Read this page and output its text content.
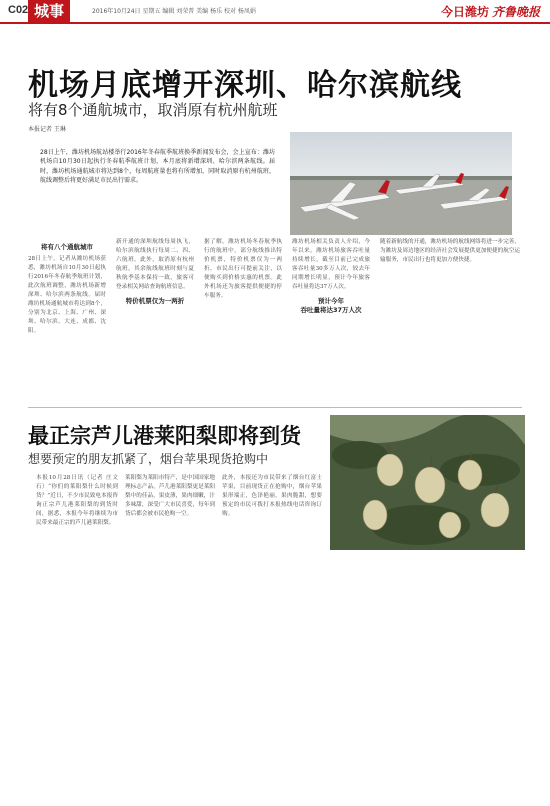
C02 城事	2016年10月24日 星期五 编辑 刘荣普 美编 杨乐 校对 杨凤娟	今日潍坊 齐鲁晚报
机场月底增开深圳、哈尔滨航线
将有8个通航城市，取消原有杭州航班
本报记者 王琳
28日上午，潍坊机场航站楼举行2016年冬春航季航班换季新闻发布会，会上宣布：潍坊机场自10月30日起执行冬春航季航班计划，本月底将新增深圳、哈尔滨两条航线。届时，潍坊机场通航城市将达到8个，每周航班量也将有所增加，同时取消原有杭州航班，航线调整后将更好满足市民出行需求。
将有八个通航城市
28日上午，记者从潍坊机场获悉，潍坊机场自10月30日起执行2016年冬春航季航班计划，此次航班调整，潍坊机场新增深圳、哈尔滨两条航线。届时潍坊机场通航城市将达到8个，分别为北京、上海、广州、深圳、哈尔滨、大连、成都、沈阳。
新开通的深圳航线每周执飞，哈尔滨航线执行每周二、四、六航班。此外，取消原有杭州航班，其余航线航班时刻与夏秋航季基本保持一致，旅客可登录相关网站查询航班信息。
特价机票仅为一两折
据了解，潍坊机场冬春航季执行的航班中，部分航线推出特价机票，特价机票仅为一两折，市民出行可提前关注，以便购买到价格实惠的机票。此外机场还为旅客提供便捷的停车服务。
潍坊机场相关负责人介绍，今年以来，潍坊机场旅客吞吐量持续增长，截至目前已完成旅客吞吐量30多万人次，较去年同期增长明显，预计今年旅客吞吐量将达37万人次。
预计今年
吞吐量将达37万人次
随着新航线的开通，潍坊机场的航线网络将进一步完善，为潍坊及周边地区的经济社会发展提供更加便捷的航空运输服务，市民出行也将更加方便快捷。
最正宗芦儿港莱阳梨即将到货
想要预定的朋友抓紧了，烟台苹果现货抢购中
本报10月28日讯（记者 庄文 石）“你们的莱阳梨什么时候到货？”近日，不少市民致电本报咨询正宗芦儿港莱阳梨的到货时间，据悉，本报今年将继续为市民带来最正宗的芦儿港莱阳梨。
莱阳梨为莱阳市特产，是中国国家地理标志产品，芦儿港莱阳梨更是莱阳梨中的佳品，果皮薄，果肉细嫩，汁多味甜，深受广大市民喜爱，每年到货后都会被市民抢购一空。
此外，本报还为市民带来了烟台红富士苹果，目前现货正在抢购中，烟台苹果果形端正，色泽艳丽，果肉脆甜，想要预定的市民可拨打本报热线电话咨询订购。
